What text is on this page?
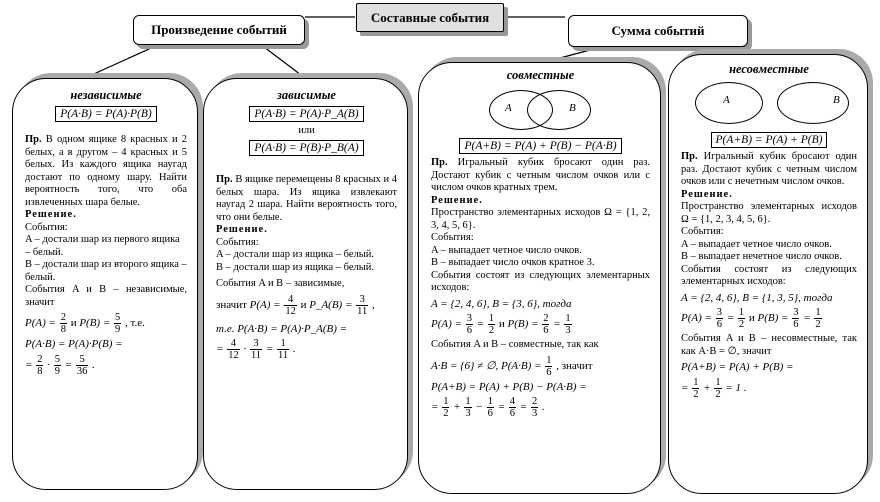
Составные события
Произведение событий	Сумма событий
независимые
P(A·B) = P(A)·P(B)

Пр. В одном ящике 8 красных и 2 белых, а в другом – 4 красных и 5 белых. Из каждого ящика наугад достают по одному шару. Найти вероятность того, что оба извлеченных шара белые.

Решение.
События:
A – достали шар из первого ящика – белый.
B – достали шар из второго ящика – белый.

События A и B – независимые, значит

$P(A) = \frac{2}{8}$ и $P(B) = \frac{5}{9}$ , т.е.
P(A·B) = P(A)·P(B) =
= $\frac{2}{8} \cdot \frac{5}{9} = \frac{5}{36}$ .
зависимые
P(A·B) = P(A)·P_A(B)
или
P(A·B) = P(B)·P_B(A)

Пр. В ящике перемещены 8 красных и 4 белых шара. Из ящика извлекают наугад 2 шара. Найти вероятность того, что они белые.

Решение.
События:
A – достали шар из ящика – белый.
B – достали шар из ящика – белый.

События A и B – зависимые,

значит $P(A) = \frac{4}{12}$ и P_A(B) = $\frac{3}{11}$ ,
т.е. P(A·B) = P(A)·P_A(B) =
= $\frac{4}{12} \cdot \frac{3}{11} = \frac{1}{11}$ .
совместные
A	B
P(A+B) = P(A) + P(B) − P(A·B)

Пр. Игральный кубик бросают один раз. Достают кубик с четным числом очков или с числом очков кратных трем.

Решение.

Пространство элементарных исходов Ω = {1, 2, 3, 4, 5, 6}.

События:
A – выпадает четное число очков.
B – выпадает число очков кратное 3.

События состоят из следующих элементарных исходов:

A = {2, 4, 6}, B = {3, 6}, тогда
$P(A) = \frac{3}{6} = \frac{1}{2}$ и $P(B) = \frac{2}{6} = \frac{1}{3}$

События A и B – совместные, так как

A·B = {6} ≠ ∅, $P(A\cdot B) = \frac{1}{6}$ , значит
P(A+B) = P(A) + P(B) − P(A·B) =
= $\frac{1}{2} + \frac{1}{3} - \frac{1}{6} = \frac{4}{6} = \frac{2}{3}$ .
несовместные
A	B
P(A+B) = P(A) + P(B)

Пр. Игральный кубик бросают один раз. Достают кубик с четным числом очков или с нечетным числом очков.

Решение.

Пространство элементарных исходов Ω = {1, 2, 3, 4, 5, 6}.

События:
A – выпадает четное число очков.

B – выпадает нечетное число очков.

События состоят из следующих элементарных исходов:

A = {2, 4, 6}, B = {1, 3, 5}, тогда
$P(A) = \frac{3}{6} = \frac{1}{2}$ и $P(B) = \frac{3}{6} = \frac{1}{2}$

События A и B – несовместные, так как A·B = ∅, значит

P(A+B) = P(A) + P(B) =
= $\frac{1}{2} + \frac{1}{2} = 1$ .
